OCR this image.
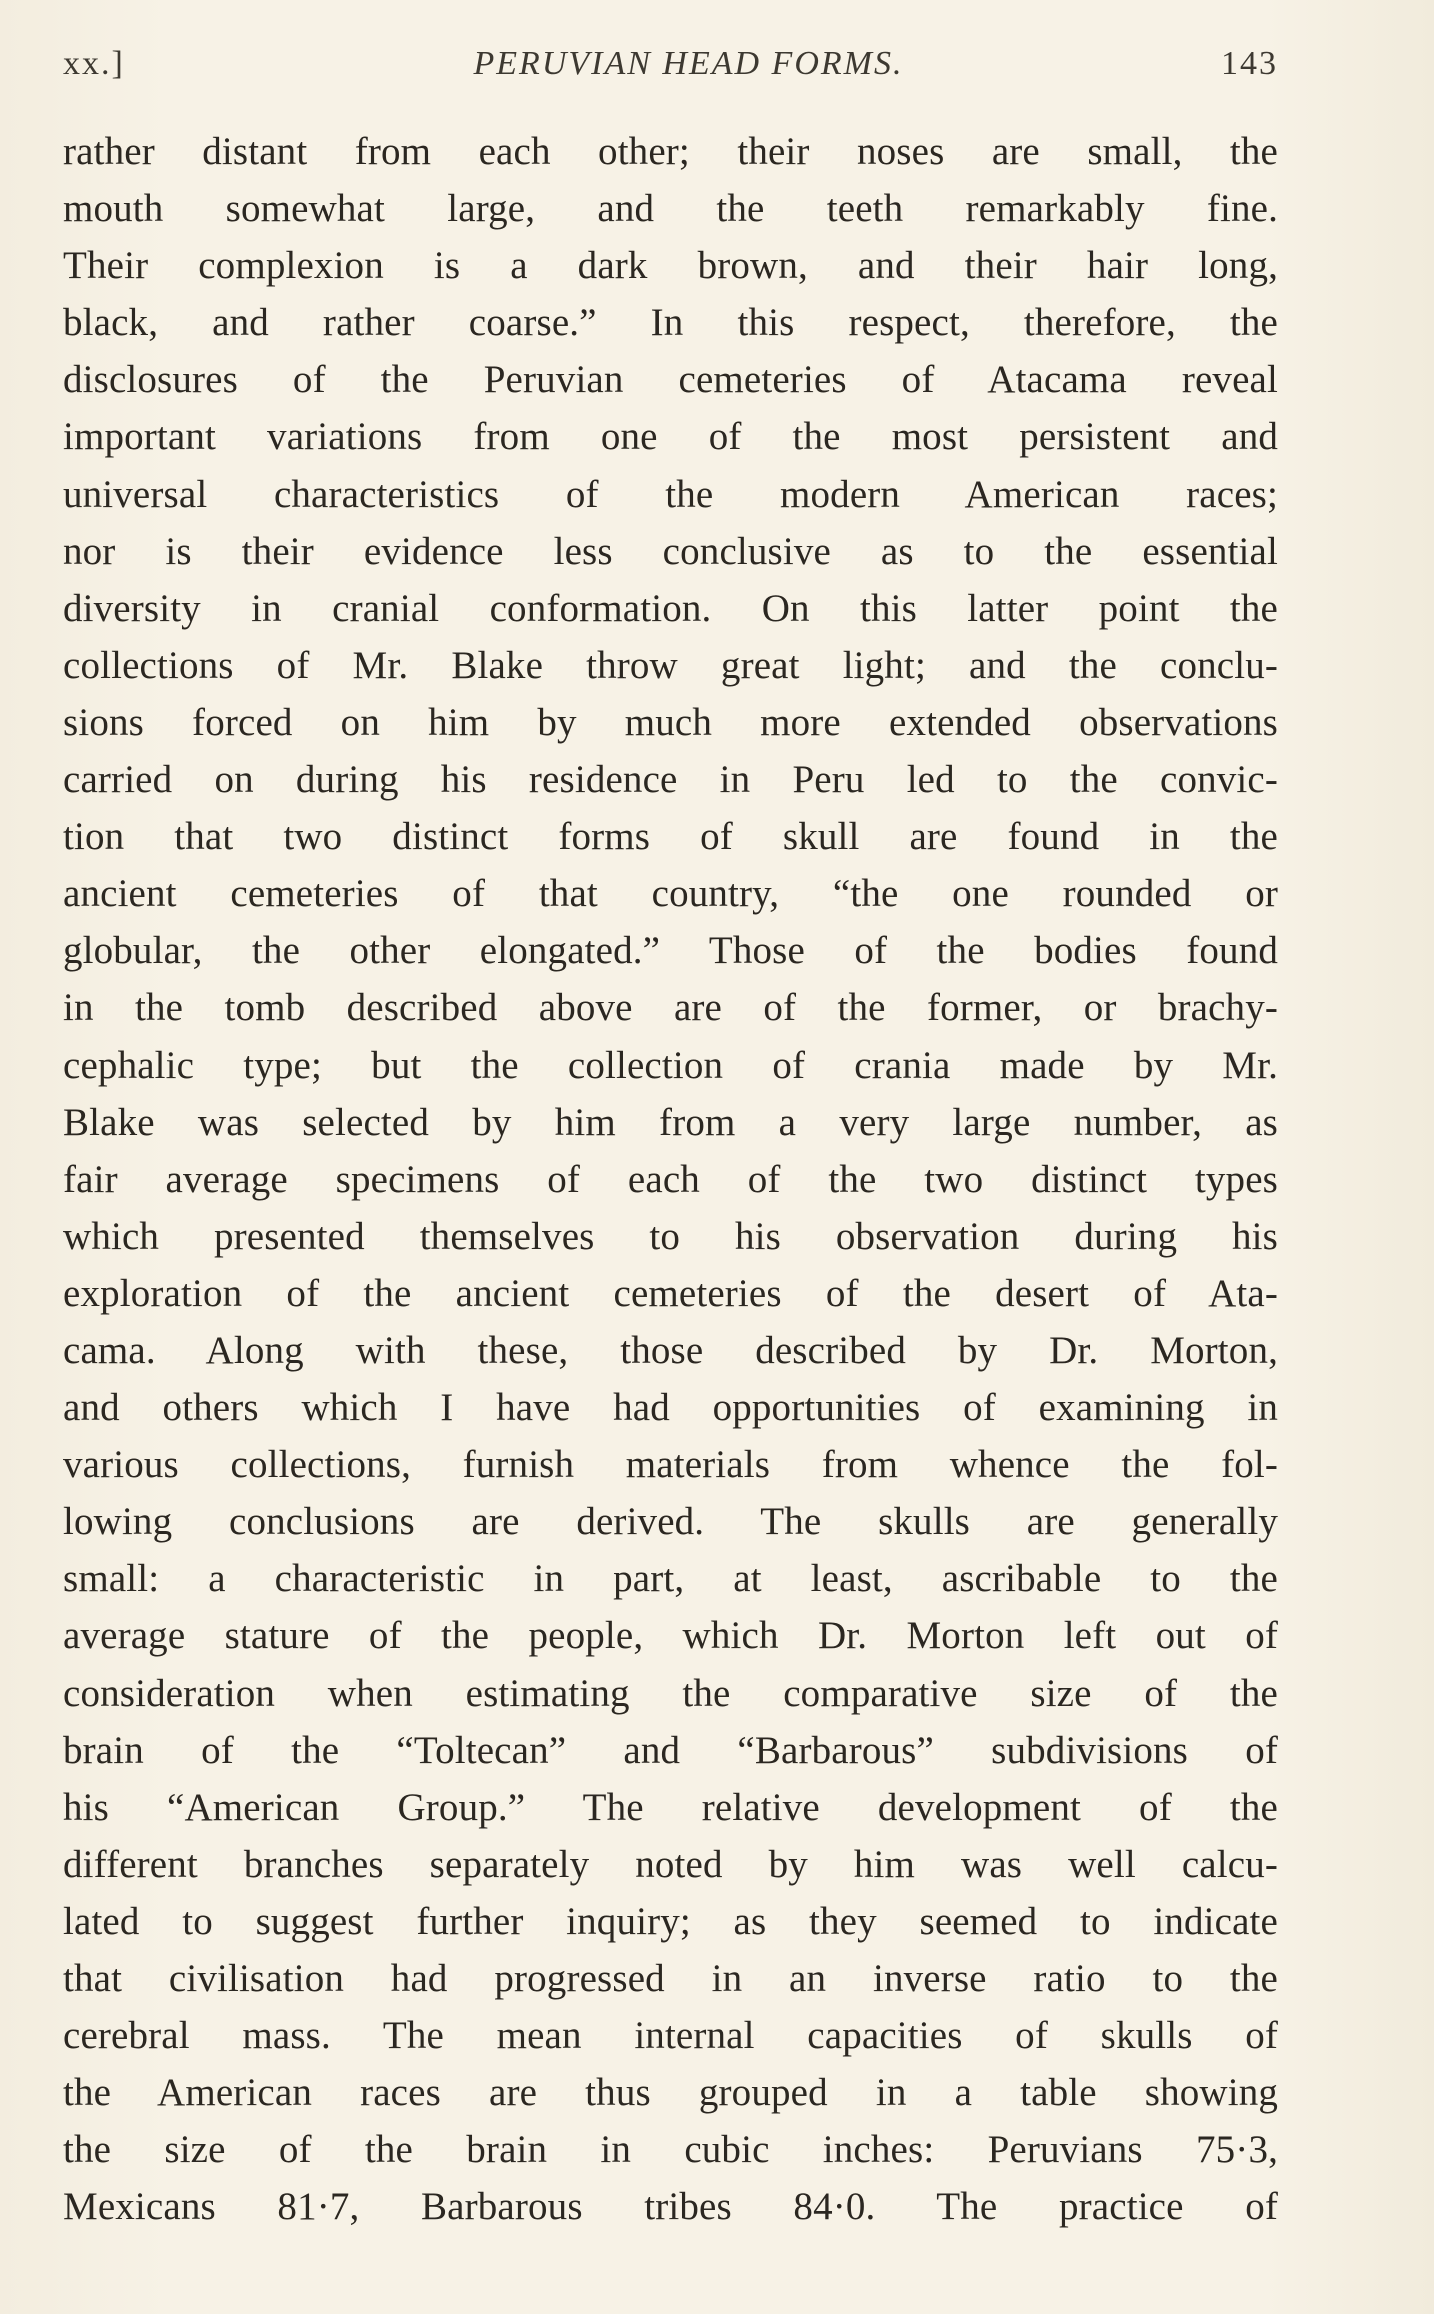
xx.]	PERUVIAN HEAD FORMS.	143
rather distant from each other; their noses are small, the
mouth somewhat large, and the teeth remarkably fine.
Their complexion is a dark brown, and their hair long,
black, and rather coarse.” In this respect, therefore, the
disclosures of the Peruvian cemeteries of Atacama reveal
important variations from one of the most persistent and
universal characteristics of the modern American races;
nor is their evidence less conclusive as to the essential
diversity in cranial conformation. On this latter point the
collections of Mr. Blake throw great light; and the conclu-
sions forced on him by much more extended observations
carried on during his residence in Peru led to the convic-
tion that two distinct forms of skull are found in the
ancient cemeteries of that country, “the one rounded or
globular, the other elongated.” Those of the bodies found
in the tomb described above are of the former, or brachy-
cephalic type; but the collection of crania made by Mr.
Blake was selected by him from a very large number, as
fair average specimens of each of the two distinct types
which presented themselves to his observation during his
exploration of the ancient cemeteries of the desert of Ata-
cama. Along with these, those described by Dr. Morton,
and others which I have had opportunities of examining in
various collections, furnish materials from whence the fol-
lowing conclusions are derived. The skulls are generally
small: a characteristic in part, at least, ascribable to the
average stature of the people, which Dr. Morton left out of
consideration when estimating the comparative size of the
brain of the “Toltecan” and “Barbarous” subdivisions of
his “American Group.” The relative development of the
different branches separately noted by him was well calcu-
lated to suggest further inquiry; as they seemed to indicate
that civilisation had progressed in an inverse ratio to the
cerebral mass. The mean internal capacities of skulls of
the American races are thus grouped in a table showing
the size of the brain in cubic inches: Peruvians 75·3,
Mexicans 81·7, Barbarous tribes 84·0. The practice of
